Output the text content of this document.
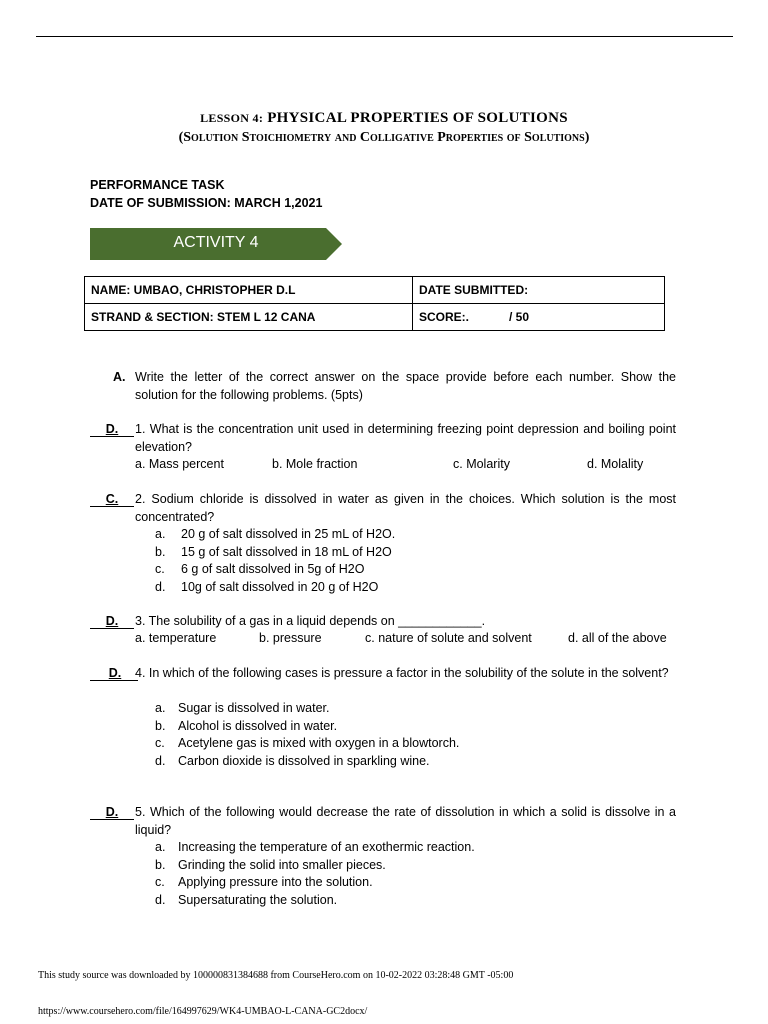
LESSON 4: PHYSICAL PROPERTIES OF SOLUTIONS
(Solution Stoichiometry and Colligative Properties of Solutions)
PERFORMANCE TASK
DATE OF SUBMISSION: MARCH 1,2021
ACTIVITY 4
NAME: UMBAO, CHRISTOPHER D.L	DATE SUBMITTED:
STRAND & SECTION: STEM L 12 CANA	SCORE:.            / 50
A. Write the letter of the correct answer on the space provide before each number. Show the solution for the following problems. (5pts)
D.	1. What is the concentration unit used in determining freezing point depression and boiling point elevation?
a. Mass percent	b. Mole fraction	c. Molarity	d. Molality
C.	2. Sodium chloride is dissolved in water as given in the choices. Which solution is the most concentrated?
a. 20 g of salt dissolved in 25 mL of H2O.
b. 15 g of salt dissolved in 18 mL of H2O
c. 6 g of salt dissolved in 5g of H2O
d. 10g of salt dissolved in 20 g of H2O
D.	3. The solubility of a gas in a liquid depends on ____________.
a. temperature	b. pressure	c. nature of solute and solvent	d. all of the above
D.	4. In which of the following cases is pressure a factor in the solubility of the solute in the solvent?
a. Sugar is dissolved in water.
b. Alcohol is dissolved in water.
c. Acetylene gas is mixed with oxygen in a blowtorch.
d. Carbon dioxide is dissolved in sparkling wine.
D.	5. Which of the following would decrease the rate of dissolution in which a solid is dissolve in a liquid?
a. Increasing the temperature of an exothermic reaction.
b. Grinding the solid into smaller pieces.
c. Applying pressure into the solution.
d. Supersaturating the solution.
This study source was downloaded by 100000831384688 from CourseHero.com on 10-02-2022 03:28:48 GMT -05:00
https://www.coursehero.com/file/164997629/WK4-UMBAO-L-CANA-GC2docx/
